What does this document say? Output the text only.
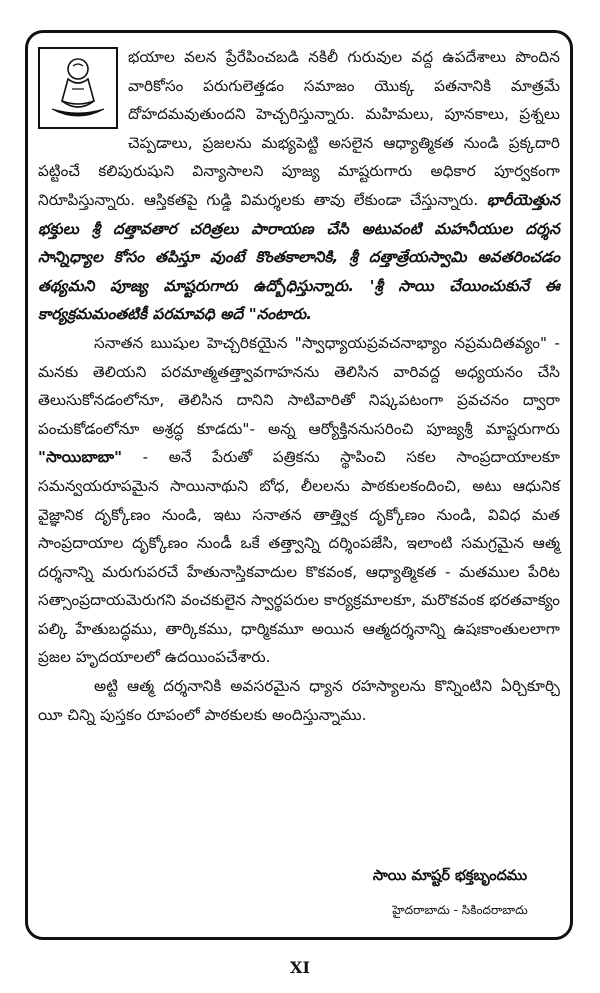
భయాల వలన ప్రేరేపించబడి నకిలీ గురువుల వద్ద ఉపదేశాలు పొందిన వారికోసం పరుగులెత్తడం సమాజం యొక్క పతనానికి మాత్రమే దోహదమవుతుందని హెచ్చరిస్తున్నారు. మహిమలు, పూనకాలు, ప్రశ్నలు చెప్పడాలు, ప్రజలను మభ్యపెట్టి అసలైన ఆధ్యాత్మికత నుండి ప్రక్కదారి పట్టించే కలిపురుషుని విన్యాసాలని పూజ్య మాష్టరుగారు అధికార పూర్వకంగా నిరూపిస్తున్నారు. ఆస్తికతపై గుడ్డి విమర్శలకు తావు లేకుండా చేస్తున్నారు. భారీయెత్తున భక్తులు శ్రీ దత్తావతార చరిత్రలు పారాయణ చేసి అటువంటి మహనీయుల దర్శన సాన్నిధ్యాల కోసం తపిస్తూ వుంటే కొంతకాలానికి, శ్రీ దత్తాత్రేయస్వామి అవతరించడం తథ్యమని పూజ్య మాష్టరుగారు ఉద్బోధిస్తున్నారు. 'శ్రీ సాయి చేయించుకునే ఈ కార్యక్రమమంతటికీ పరమావధి అదే "నంటారు.

సనాతన ఋషుల హెచ్చరికయైన "స్వాధ్యాయప్రవచనాభ్యాం నప్రమదితవ్యం" - మనకు తెలియని పరమాత్మతత్త్వావగాహనను తెలిసిన వారివద్ద అధ్యయనం చేసి తెలుసుకోనడంలోనూ, తెలిసిన దానిని సాటివారితో నిష్కపటంగా ప్రవచనం ద్వారా పంచుకోడంలోనూ అశ్రద్ధ కూడదు"- అన్న ఆర్యోక్తిననుసరించి పూజ్యశ్రీ మాష్టరుగారు "సాయిబాబా" - అనే పేరుతో పత్రికను స్థాపించి సకల సాంప్రదాయాలకూ సమన్వయరూపమైన సాయినాథుని బోధ, లీలలను పాఠకులకందించి, అటు ఆధునిక వైజ్ఞానిక దృక్కోణం నుండి, ఇటు సనాతన తాత్త్విక దృక్కోణం నుండి, వివిధ మత సాంప్రదాయాల దృక్కోణం నుండీ ఒకే తత్త్వాన్ని దర్శింపజేసి, ఇలాంటి సమగ్రమైన ఆత్మ దర్శనాన్ని మరుగుపరచే హేతునాస్తికవాదుల కొకవంక, ఆధ్యాత్మికత - మతముల పేరిట సత్సాంప్రదాయమెరుగని వంచకులైన స్వార్థపరుల కార్యక్రమాలకూ, మరొకవంక భరతవాక్యం పల్కి హేతుబద్ధము, తార్కికము, ధార్మికమూ అయిన ఆత్మదర్శనాన్ని ఉషఃకాంతులలాగా ప్రజల హృదయాలలో ఉదయింపచేశారు.

అట్టి ఆత్మ దర్శనానికి అవసరమైన ధ్యాన రహస్యాలను కొన్నింటిని ఏర్చికూర్చి యీ చిన్ని పుస్తకం రూపంలో పాఠకులకు అందిస్తున్నాము.

సాయి మాష్టర్ భక్తబృందము
హైదరాబాదు - సికిందరాబాదు
XI
